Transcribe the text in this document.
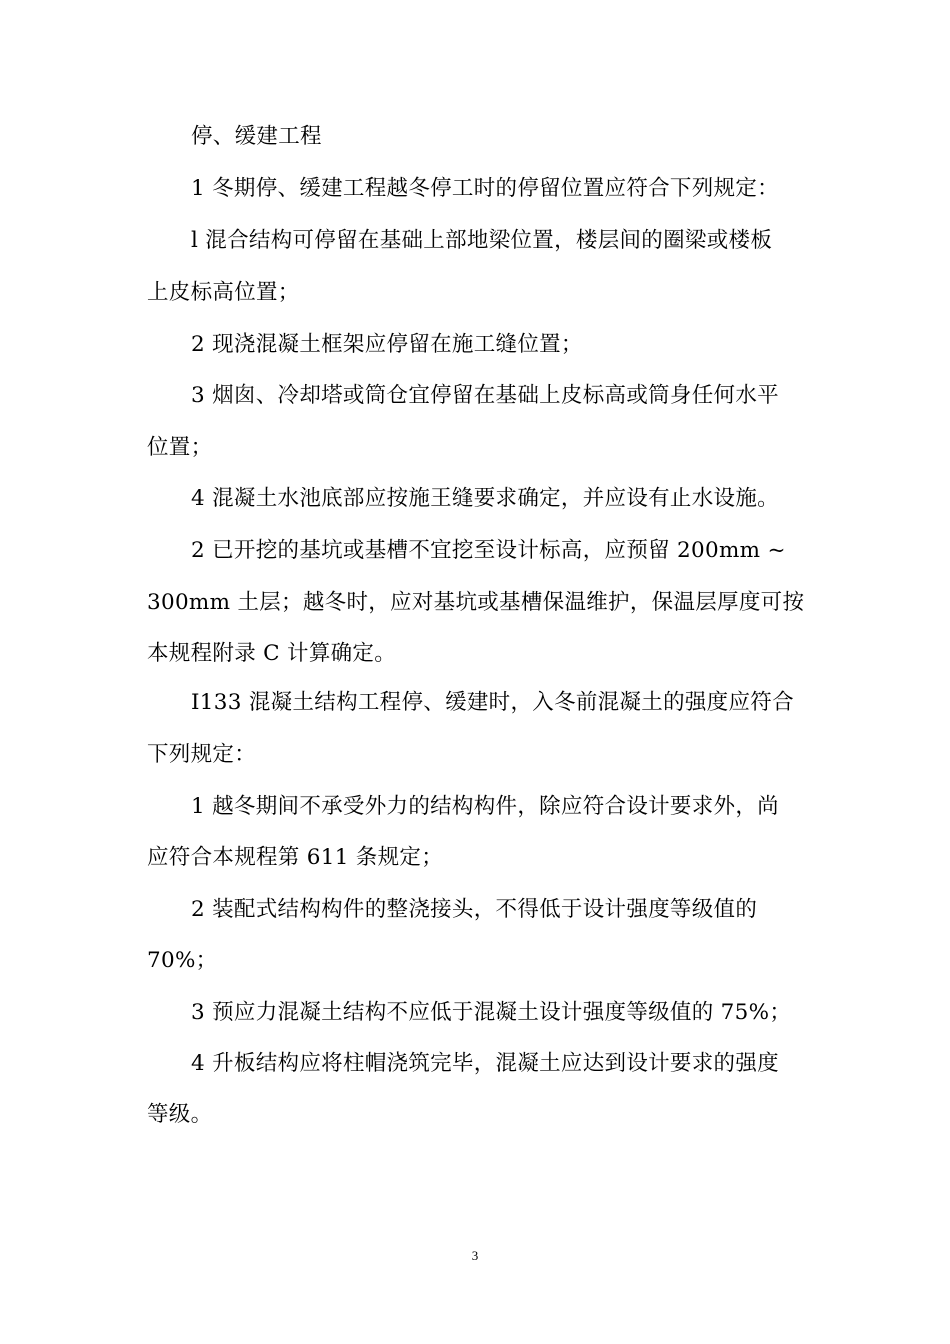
停、缓建工程
1 冬期停、缓建工程越冬停工时的停留位置应符合下列规定：
l 混合结构可停留在基础上部地梁位置，楼层间的圈梁或楼板
上皮标高位置；
2 现浇混凝土框架应停留在施工缝位置；
3 烟囱、冷却塔或筒仓宜停留在基础上皮标高或筒身任何水平
位置；
4 混凝土水池底部应按施王缝要求确定，并应设有止水设施。
2 已开挖的基坑或基槽不宜挖至设计标高，应预留 200mm ~
300mm 土层；越冬时，应对基坑或基槽保温维护，保温层厚度可按
本规程附录 C 计算确定。
I133 混凝土结构工程停、缓建时，入冬前混凝土的强度应符合
下列规定：
1 越冬期间不承受外力的结构构件，除应符合设计要求外，尚
应符合本规程第 611 条规定；
2 装配式结构构件的整浇接头，不得低于设计强度等级值的
70%；
3 预应力混凝土结构不应低于混凝土设计强度等级值的 75%；
4 升板结构应将柱帽浇筑完毕，混凝土应达到设计要求的强度
等级。
3
